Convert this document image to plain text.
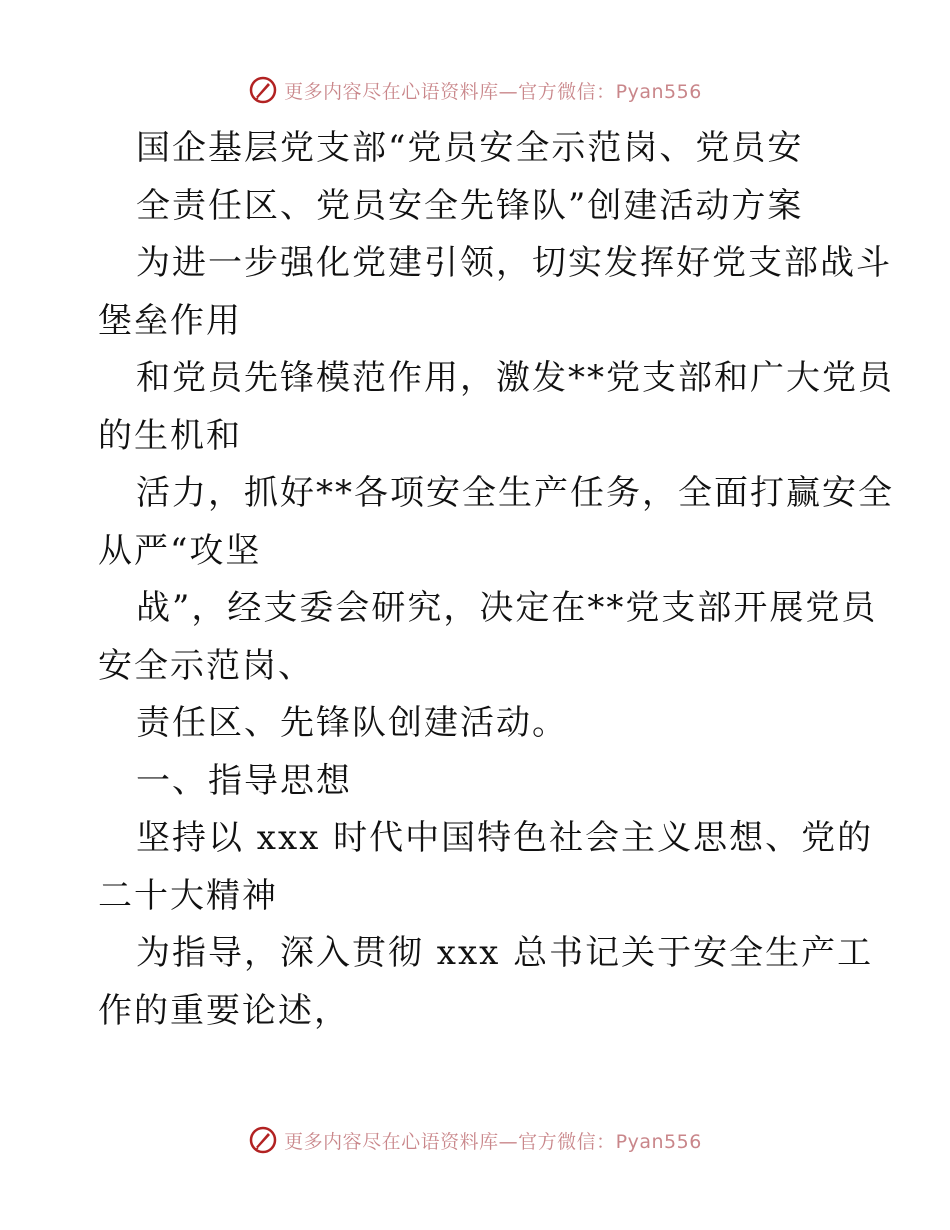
更多内容尽在心语资料库—官方微信：Pyan556
国企基层党支部“党员安全示范岗、党员安
全责任区、党员安全先锋队”创建活动方案
为进一步强化党建引领，切实发挥好党支部战斗
堡垒作用
和党员先锋模范作用，激发**党支部和广大党员
的生机和
活力，抓好**各项安全生产任务，全面打赢安全
从严“攻坚
战”，经支委会研究，决定在**党支部开展党员
安全示范岗、
责任区、先锋队创建活动。
一、指导思想
坚持以 xxx 时代中国特色社会主义思想、党的
二十大精神
为指导，深入贯彻 xxx 总书记关于安全生产工
作的重要论述，
更多内容尽在心语资料库—官方微信：Pyan556
